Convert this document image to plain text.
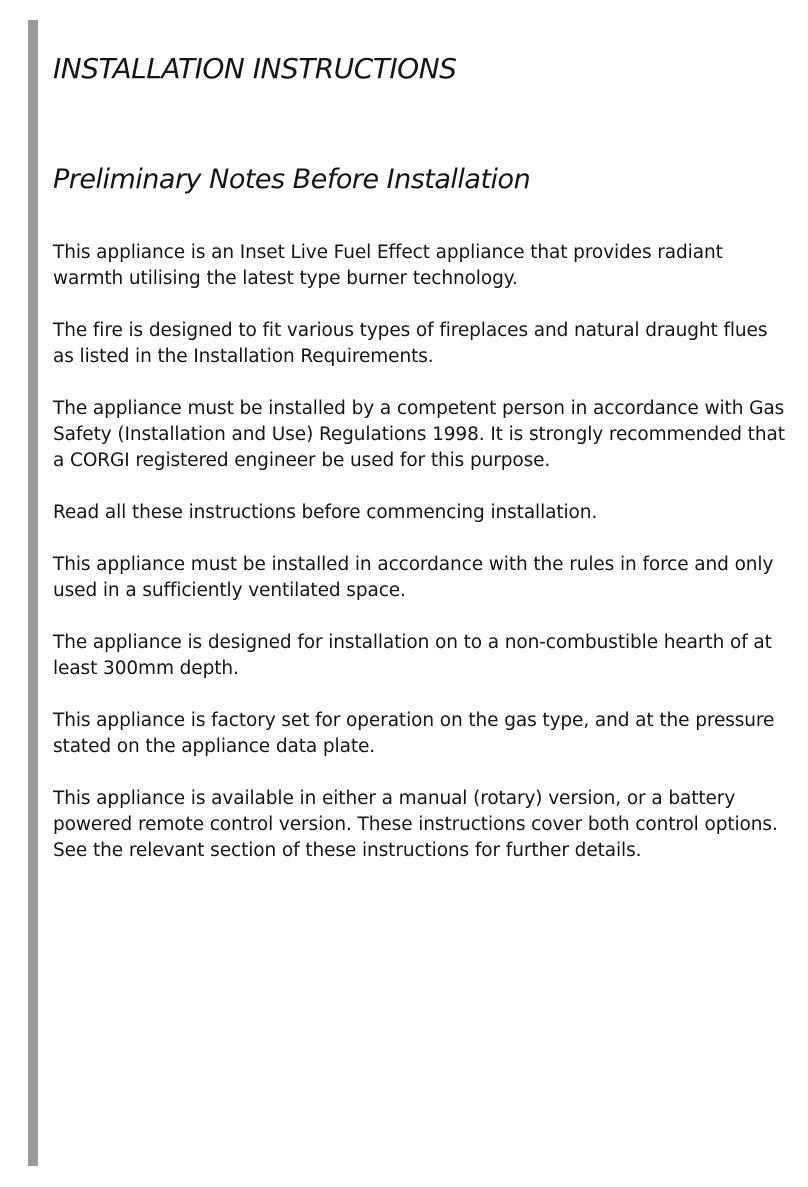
INSTALLATION INSTRUCTIONS
Preliminary Notes Before Installation

This appliance is an Inset Live Fuel Effect appliance that provides radiant warmth utilising the latest type burner technology.

The fire is designed to fit various types of fireplaces and natural draught flues as listed in the Installation Requirements.

The appliance must be installed by a competent person in accordance with Gas Safety (Installation and Use) Regulations 1998. It is strongly recommended that a CORGI registered engineer be used for this purpose.

Read all these instructions before commencing installation.

This appliance must be installed in accordance with the rules in force and only used in a sufficiently ventilated space.

The appliance is designed for installation on to a non-combustible hearth of at least 300mm depth.

This appliance is factory set for operation on the gas type, and at the pressure stated on the appliance data plate.

This appliance is available in either a manual (rotary) version, or a battery powered remote control version. These instructions cover both control options. See the relevant section of these instructions for further details.
